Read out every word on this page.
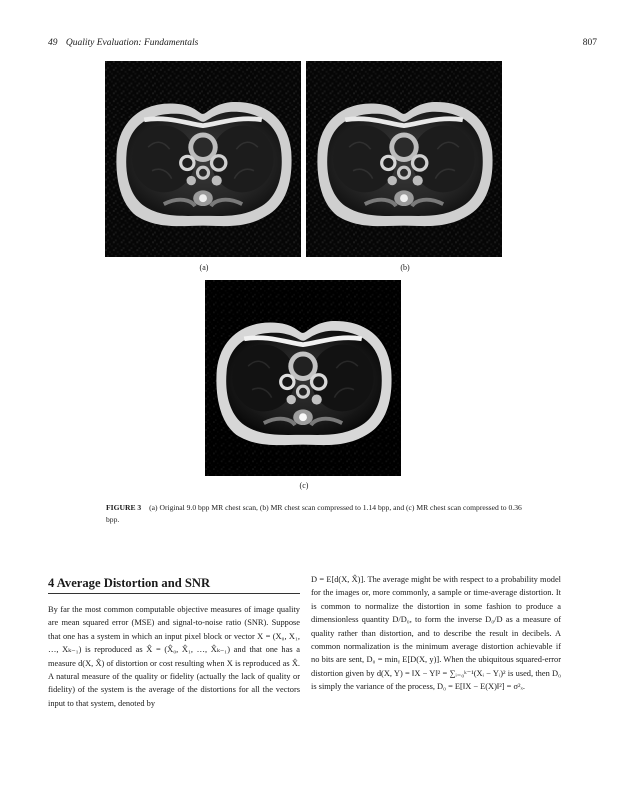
49 Quality Evaluation: Fundamentals	807
(a)	(b)
(c)
FIGURE 3 (a) Original 9.0 bpp MR chest scan, (b) MR chest scan compressed to 1.14 bpp, and (c) MR chest scan compressed to 0.36 bpp.
4 Average Distortion and SNR
By far the most common computable objective measures of image quality are mean squared error (MSE) and signal-to-noise ratio (SNR). Suppose that one has a system in which an input pixel block or vector X = (X₀, X₁, …, Xₖ₋₁) is reproduced as X̂ = (X̂₀, X̂₁, …, X̂ₖ₋₁) and that one has a measure d(X, X̂) of distortion or cost resulting when X is reproduced as X̂. A natural measure of the quality or fidelity (actually the lack of quality or fidelity) of the system is the average of the distortions for all the vectors input to that system, denoted by
D = E[d(X, X̂)]. The average might be with respect to a probability model for the images or, more commonly, a sample or time-average distortion. It is common to normalize the distortion in some fashion to produce a dimensionless quantity D/D₀, to form the inverse D₀/D as a measure of quality rather than distortion, and to describe the result in decibels. A common normalization is the minimum average distortion achievable if no bits are sent, D₀ = minᵧ E[D(X, y)]. When the ubiquitous squared-error distortion given by d(X, Y) = ‖X − Y‖² = ∑ᵢ₌₀ᵏ⁻¹(Xᵢ − Yᵢ)² is used, then D₀ is simply the variance of the process, D₀ = E[‖X − E(X)‖²] = σ²ₓ.
